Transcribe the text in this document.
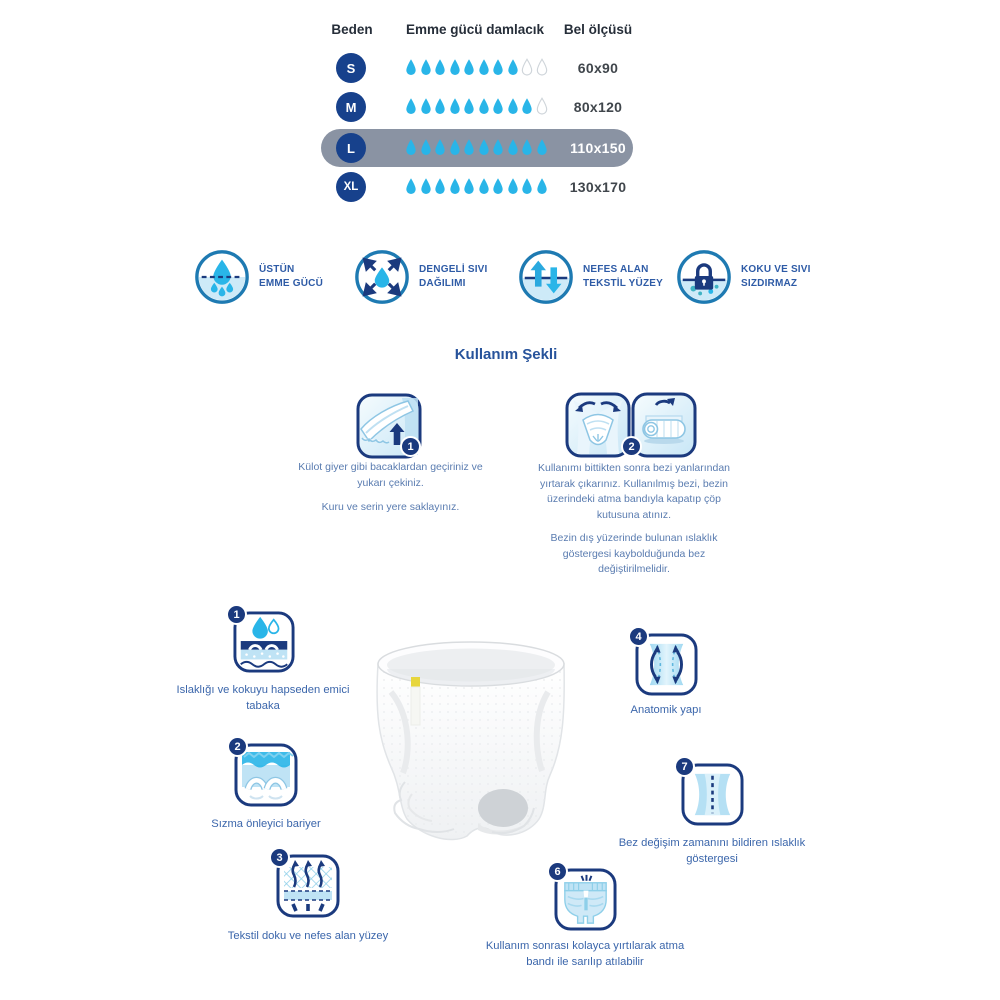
Beden	Emme gücü damlacık	Bel ölçüsü
S	60x90
M	80x120
L	110x150
XL	130x170
ÜSTÜN
EMME GÜCÜ
DENGELİ SIVI
DAĞILIMI
NEFES ALAN
TEKSTİL YÜZEY
KOKU VE SIVI
SIZDIRMAZ
Kullanım Şekli
1
Külot giyer gibi bacaklardan geçiriniz ve yukarı çekiniz.
Kuru ve serin yere saklayınız.
2
Kullanımı bittikten sonra bezi yanlarından yırtarak çıkarınız. Kullanılmış bezi, bezin üzerindeki atma bandıyla kapatıp çöp kutusuna atınız.
Bezin dış yüzerinde bulunan ıslaklık göstergesi kaybolduğunda bez değiştirilmelidir.
1
Islaklığı ve kokuyu hapseden emici tabaka
2
Sızma önleyici bariyer
3
Tekstil doku ve nefes alan yüzey
4
Anatomik yapı
7
Bez değişim zamanını bildiren ıslaklık göstergesi
6
Kullanım sonrası kolayca yırtılarak atma bandı ile sarılıp atılabilir
